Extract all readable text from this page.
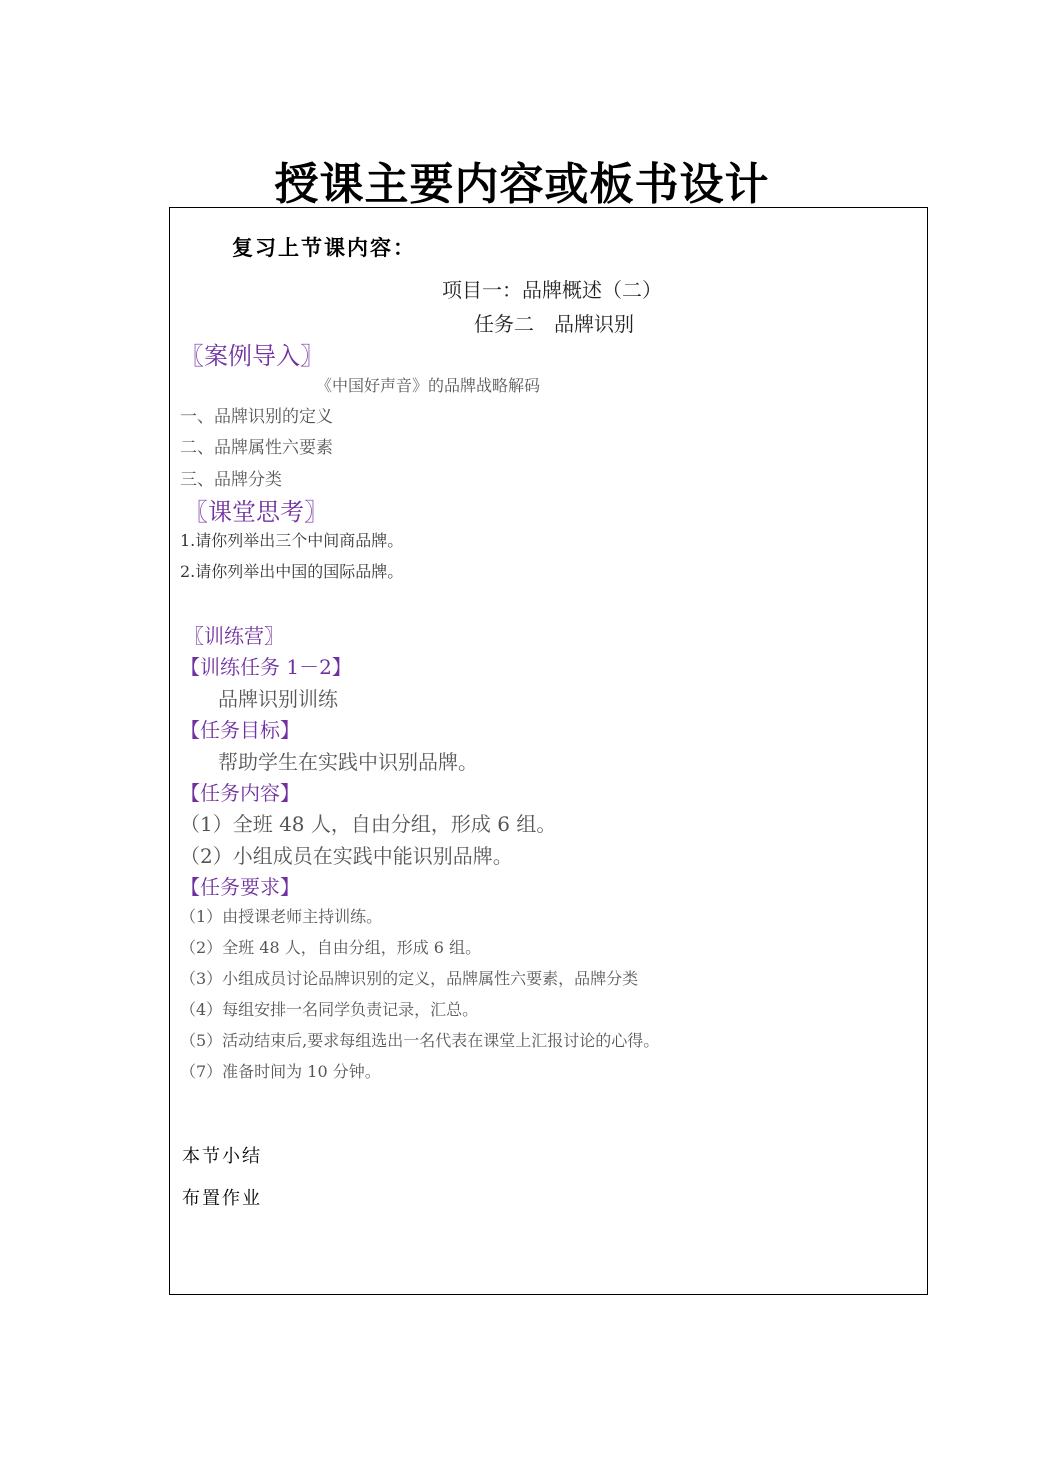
授课主要内容或板书设计
复习上节课内容：
项目一：品牌概述（二）
任务二　品牌识别
〖案例导入〗
《中国好声音》的品牌战略解码
一、品牌识别的定义
二、品牌属性六要素
三、品牌分类
〖课堂思考〗
1.请你列举出三个中间商品牌。
2.请你列举出中国的国际品牌。
〖训练营〗
【训练任务 1－2】
品牌识别训练
【任务目标】
帮助学生在实践中识别品牌。
【任务内容】
（1）全班 48 人，自由分组，形成 6 组。
（2）小组成员在实践中能识别品牌。
【任务要求】
（1）由授课老师主持训练。
（2）全班 48 人，自由分组，形成 6 组。
（3）小组成员讨论品牌识别的定义，品牌属性六要素，品牌分类
（4）每组安排一名同学负责记录，汇总。
（5）活动结束后,要求每组选出一名代表在课堂上汇报讨论的心得。
（7）准备时间为 10 分钟。
本节小结
布置作业
